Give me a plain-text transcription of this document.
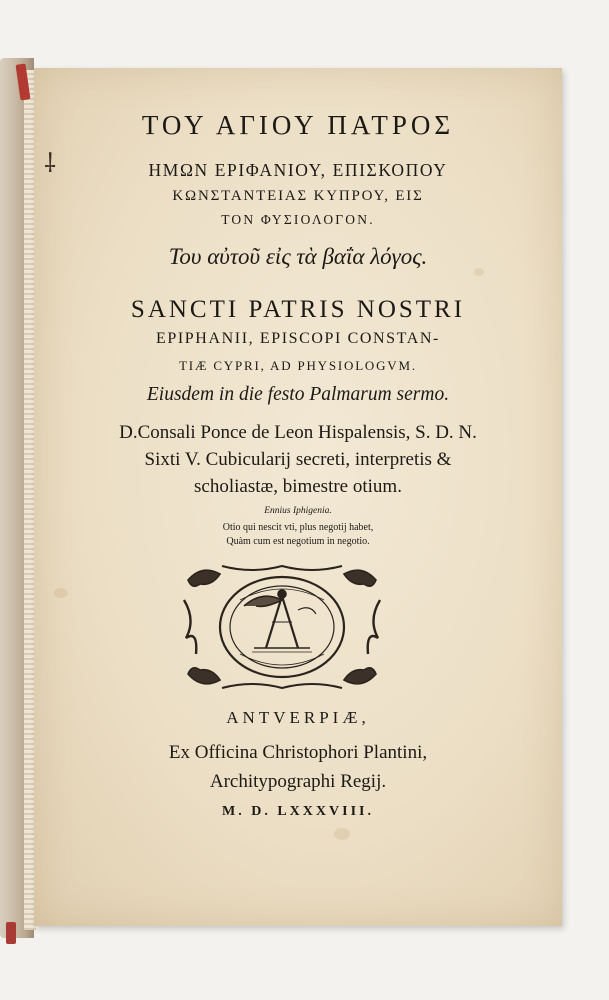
⸸
ΤΟΥ ΑΓΙΟΥ ΠΑΤΡΟΣ
ΗΜΩΝ ΕΡΙΦΑΝΙΟΥ, ΕΠΙΣΚΟΠΟΥ
ΚΩΝΣΤΑΝΤΕΙΑΣ ΚΥΠΡΟΥ, ΕΙΣ
ΤΟΝ ΦΥΣΙΟΛΟΓΟΝ.
Του αὐτοῦ εἰς τὰ βαΐα λόγος.
SANCTI PATRIS NOSTRI
EPIPHANII, EPISCOPI CONSTAN-
TIÆ CYPRI, AD PHYSIOLOGVM.
Eiusdem in die festo Palmarum sermo.
D.Consali Ponce de Leon Hispalensis, S. D. N.
Sixti V. Cubicularij secreti, interpretis &
scholiastæ, bimestre otium.
Ennius Iphigenia.
Otio qui nescit vti, plus negotij habet,
Quàm cum est negotium in negotio.
ANTVERPIÆ,
Ex Officina Christophori Plantini,
Architypographi Regij.
M. D. LXXXVIII.
